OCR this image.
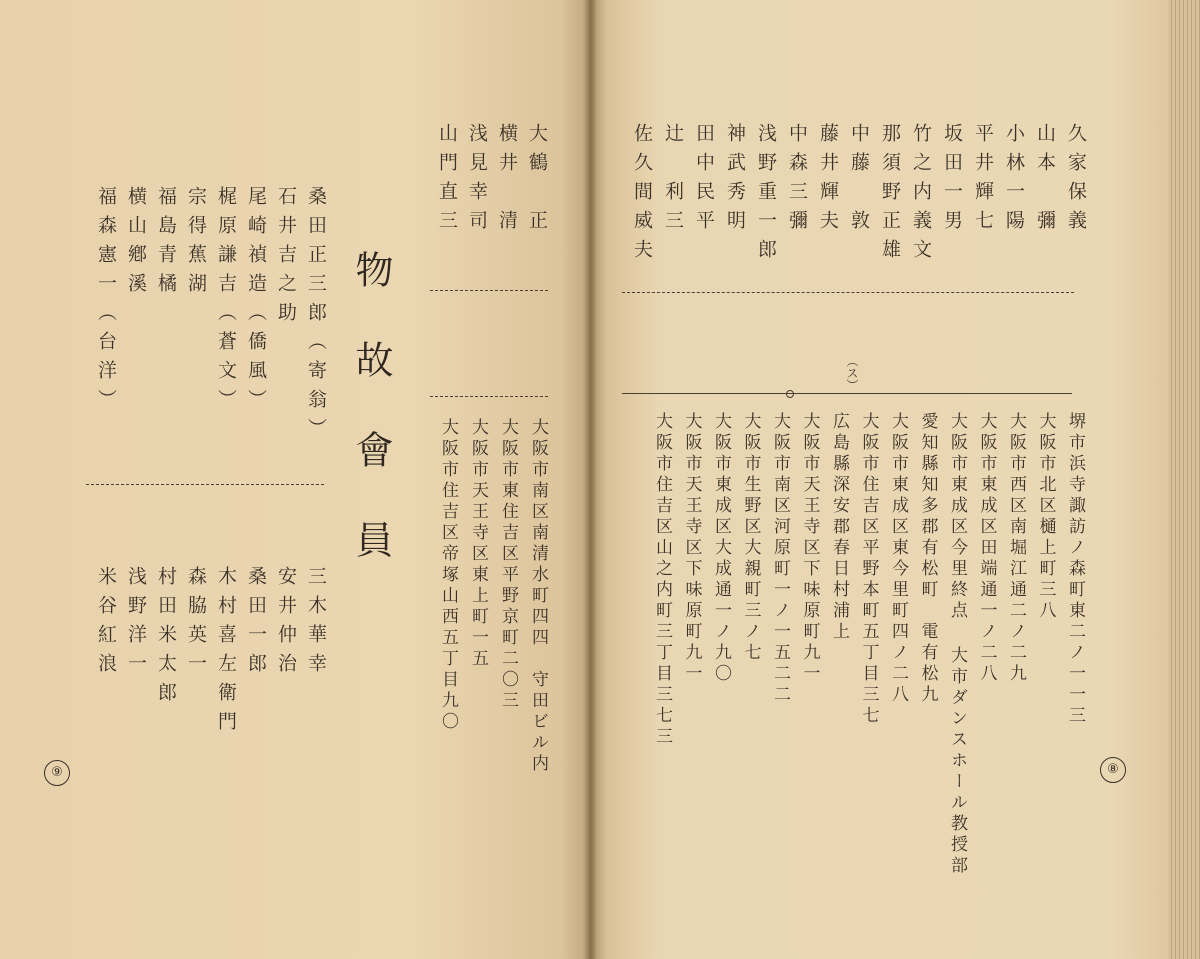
物故會員
大鶴　正
横井　清
浅見幸司
山門直三
大阪市南区南清水町四四　守田ビル内
大阪市東住吉区平野京町二〇三
大阪市天王寺区東上町一五
大阪市住吉区帝塚山西五丁目九〇
桑田正三郎（寄翁）
石井吉之助
尾崎禎造（僑風）
梶原謙吉（蒼文）
宗得蕉湖
福島青橘
横山鄕溪
福森憲一（台洋）
三木華幸
安井仲治
桑田一郎
木村喜左衛門
森脇英一
村田米太郎
浅野洋一
米谷紅浪
⑨
久家保義
山本　彌
小林一陽
平井輝七
坂田一男
竹之内義文
那須野正雄
中藤　敦
藤井輝夫
中森三彌
浅野重一郎
神武秀明
田中民平
辻　利三
佐久間威夫
（ス）
堺市浜寺諏訪ノ森町東二ノ一一三
大阪市北区樋上町三八
大阪市西区南堀江通二ノ二九
大阪市東成区田端通一ノ二八
大阪市東成区今里終点 大市ダンスホール教授部
愛知縣知多郡有松町　電有松九
大阪市東成区東今里町四ノ二八
大阪市住吉区平野本町五丁目三七
広島縣深安郡春日村浦上
大阪市天王寺区下味原町九一
大阪市南区河原町一ノ一五二二
大阪市生野区大親町三ノ七
大阪市東成区大成通一ノ九〇
大阪市天王寺区下味原町九一
大阪市住吉区山之内町三丁目三七三
⑧
